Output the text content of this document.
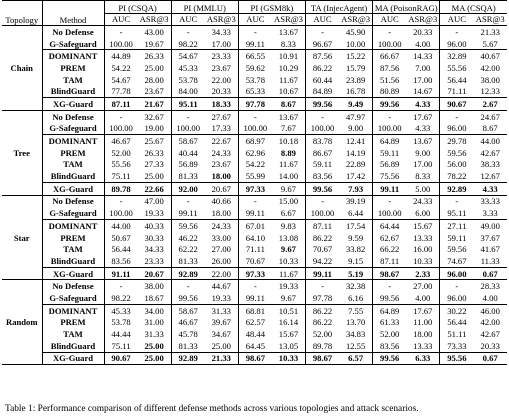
Topology	Method	PI (CSQA)		PI (MMLU)		PI (GSM8k)		TA (InjecAgent)		MA (PoisonRAG)		MA (CSQA)	
		AUC	ASR@3	AUC	ASR@3	AUC	ASR@3	AUC	ASR@3	AUC	ASR@3	AUC	ASR@3
Chain	No Defense	-	43.00	-	34.33	-	13.67	-	45.90	-	20.33	-	21.33
	G-Safeguard	100.00	19.67	98.22	17.00	99.11	8.33	96.67	10.00	100.00	4.00	96.00	5.67
	DOMINANT	44.89	26.33	54.67	23.33	66.55	10.91	87.56	15.22	66.67	14.33	32.89	40.67
	PREM	54.22	25.00	45.33	23.67	59.62	10.29	86.22	15.79	87.56	7.00	55.56	42.00
	TAM	54.67	28.00	53.78	22.00	53.78	11.67	60.44	23.89	51.56	17.00	56.44	38.00
	BlindGuard	77.78	23.67	84.00	20.33	65.33	10.67	84.89	16.78	80.89	14.67	71.11	12.33
	XG-Guard	87.11	21.67	95.11	18.33	97.78	8.67	99.56	9.49	99.56	4.33	90.67	2.67
Tree	No Defense	-	32.67	-	27.67	-	13.67	-	47.97	-	17.67	-	24.67
	G-Safeguard	100.00	19.00	100.00	17.33	100.00	7.67	100.00	9.00	100.00	4.33	96.00	8.67
	DOMINANT	46.67	25.67	58.67	22.67	68.97	10.18	83.78	12.41	64.89	13.67	29.78	44.00
	PREM	52.00	26.33	40.44	24.33	62.96	8.89	86.67	14.19	59.11	9.00	59.56	42.67
	TAM	55.56	27.33	56.89	23.67	54.22	11.67	59.11	22.89	56.89	17.00	56.00	38.33
	BlindGuard	75.11	25.00	81.33	18.00	55.99	14.00	83.56	17.42	75.56	8.33	78.22	12.67
	XG-Guard	89.78	22.66	92.00	20.67	97.33	9.67	99.56	7.93	99.11	5.00	92.89	4.33
Star	No Defense	-	47.00	-	40.66	-	15.00	-	39.19	-	24.33	-	33.33
	G-Safeguard	100.00	19.33	99.11	18.00	99.11	6.67	100.00	6.44	100.00	6.00	95.11	3.33
	DOMINANT	44.00	40.33	59.56	24.33	67.01	9.83	87.11	17.54	64.44	15.67	27.11	49.00
	PREM	50.67	30.33	46.22	33.00	64.10	13.08	86.22	9.59	62.67	13.33	59.11	37.67
	TAM	56.44	34.33	62.22	27.00	71.11	9.67	70.67	33.82	66.22	16.00	59.56	41.67
	BlindGuard	83.56	23.33	81.33	26.00	70.67	10.33	94.22	9.15	87.11	10.33	74.67	11.33
	XG-Guard	91.11	20.67	92.89	22.00	97.33	11.67	99.11	5.19	98.67	2.33	96.00	0.67
Random	No Defense	-	38.00	-	44.67	-	19.33	-	32.38	-	27.00	-	28.33
	G-Safeguard	98.22	18.67	99.56	19.33	99.11	9.67	97.78	6.16	99.56	4.00	96.00	4.00
	DOMINANT	45.33	34.00	58.67	31.33	68.81	10.51	86.22	7.55	64.89	17.67	30.22	46.00
	PREM	53.78	31.00	46.67	39.67	62.57	16.14	86.22	13.70	61.33	11.00	56.44	42.00
	TAM	44.44	31.33	45.78	34.67	48.44	15.67	52.00	34.83	52.00	18.00	51.11	42.67
	BlindGuard	75.11	25.00	81.33	25.00	64.45	13.05	89.78	12.55	83.56	13.33	73.33	20.33
	XG-Guard	90.67	25.00	92.89	21.33	98.67	10.33	98.67	6.57	99.56	6.33	95.56	0.67
Table 1: Performance comparison of different defense methods across various topologies and attack scenarios.
